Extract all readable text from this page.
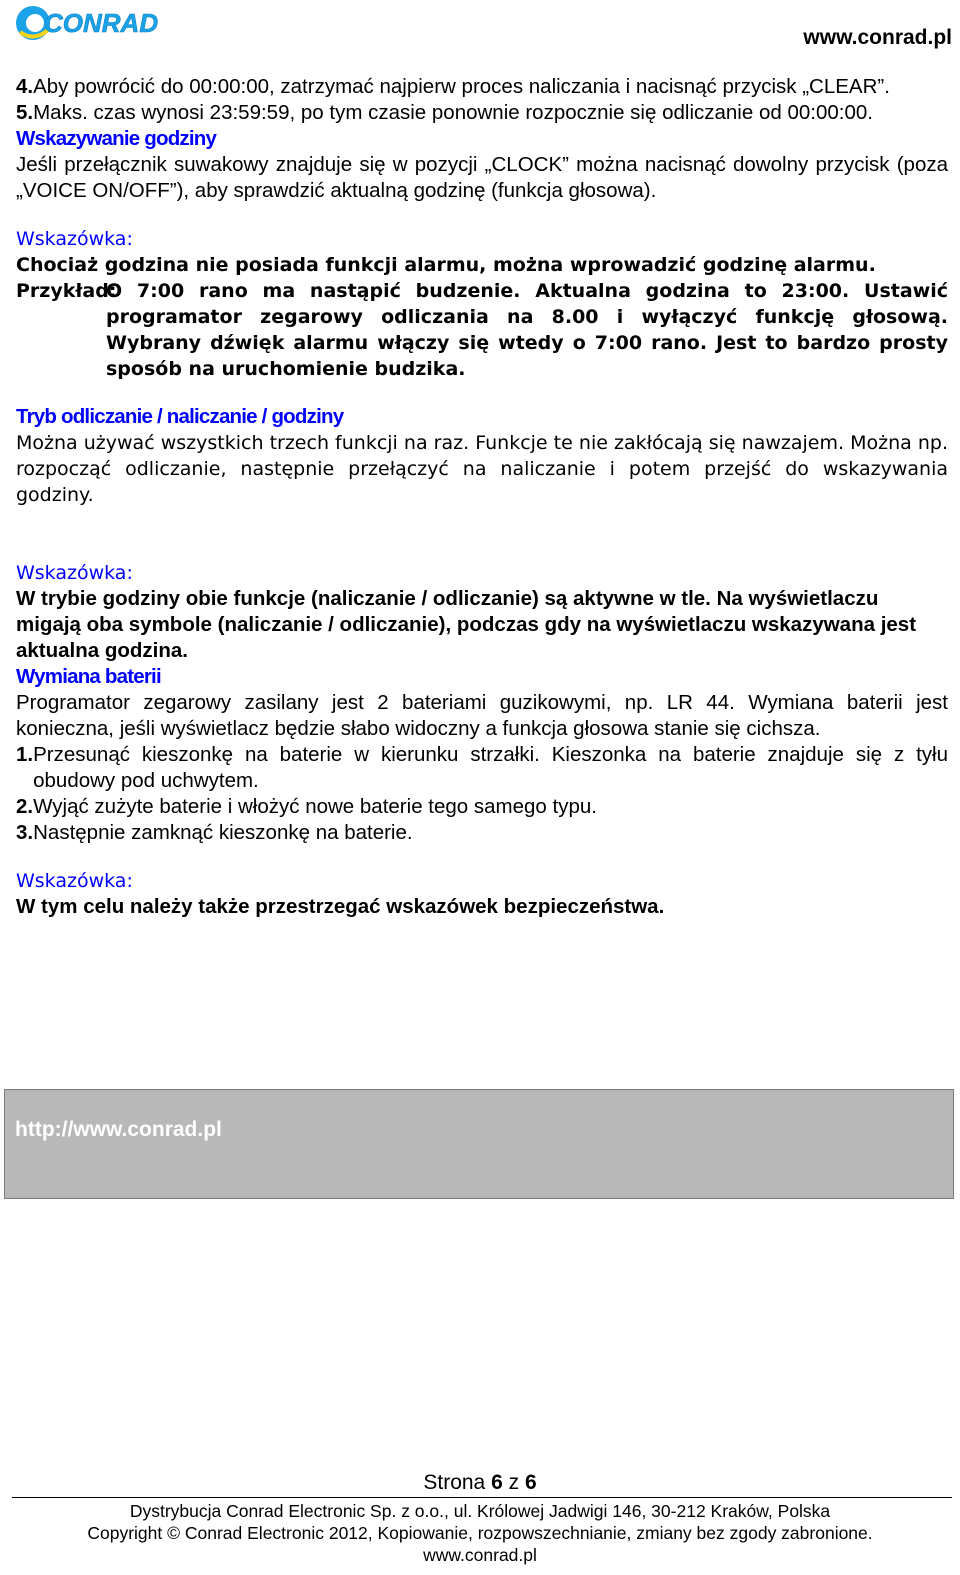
CONRAD	www.conrad.pl
4. Aby powrócić do 00:00:00, zatrzymać najpierw proces naliczania i nacisnąć przycisk „CLEAR”.
5. Maks. czas wynosi 23:59:59, po tym czasie ponownie rozpocznie się odliczanie od 00:00:00.

Wskazywanie godziny

Jeśli przełącznik suwakowy znajduje się w pozycji „CLOCK” można nacisnąć dowolny przycisk (poza „VOICE ON/OFF”), aby sprawdzić aktualną godzinę (funkcja głosowa).

Wskazówka:

Chociaż godzina nie posiada funkcji alarmu, można wprowadzić godzinę alarmu.

Przykład:
O 7:00 rano ma nastąpić budzenie. Aktualna godzina to 23:00. Ustawić programator zegarowy odliczania na 8.00 i wyłączyć funkcję głosową. Wybrany dźwięk alarmu włączy się wtedy o 7:00 rano. Jest to bardzo prosty sposób na uruchomienie budzika.

Tryb odliczanie / naliczanie / godziny

Można używać wszystkich trzech funkcji na raz. Funkcje te nie zakłócają się nawzajem. Można np. rozpocząć odliczanie, następnie przełączyć na naliczanie i potem przejść do wskazywania godziny.

Wskazówka:

W trybie godziny obie funkcje (naliczanie / odliczanie) są aktywne w tle. Na wyświetlaczu migają oba symbole (naliczanie / odliczanie), podczas gdy na wyświetlaczu wskazywana jest aktualna godzina.

Wymiana baterii

Programator zegarowy zasilany jest 2 bateriami guzikowymi, np. LR 44. Wymiana baterii jest konieczna, jeśli wyświetlacz będzie słabo widoczny a funkcja głosowa stanie się cichsza.

1. Przesunąć kieszonkę na baterie w kierunku strzałki. Kieszonka na baterie znajduje się z tyłu obudowy pod uchwytem.
2. Wyjąć zużyte baterie i włożyć nowe baterie tego samego typu.
3. Następnie zamknąć kieszonkę na baterie.

Wskazówka:

W tym celu należy także przestrzegać wskazówek bezpieczeństwa.

http://www.conrad.pl
Strona 6 z 6
Dystrybucja Conrad Electronic Sp. z o.o., ul. Królowej Jadwigi 146, 30-212 Kraków, Polska
Copyright © Conrad Electronic 2012, Kopiowanie, rozpowszechnianie, zmiany bez zgody zabronione.
www.conrad.pl
